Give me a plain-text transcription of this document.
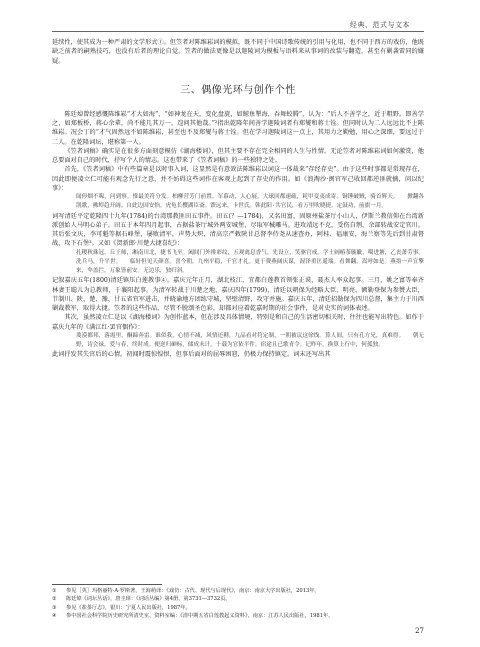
经典、范式与文本

延续性，使其成为一种严肃的文学形式①。但笠者对陈维崧词的模拟，既不同于中国诗歌传统的引用与化用，也不同于西方的戏仿，他既缺乏前者的嗣熟技巧，也没有后者的理论自觉。笠者的做法更像是以迦陵词为模板与语料来从事词的改装与翻造，甚至有剿袭雷同的嫌疑。

三、偶像光环与创作个性

陈廷焯曾经感慨陈维崧“才大如海”、“如神龙在天，变化盘旋，如鲸鱼掣海，吞舞蛟腾”，认为：“后人不善学之，近于粗野。即善学之，如郑板桥，蒋心余辈，尚不能几其万一，遑问其他哉。”²指出乾隆年间善学迦陵词者有郑燮和蒋士铨。但同时认为二人远远比不上陈维崧。况会丁的“才气固然远不如陈维崧，甚至也不及郑燮与蒋士铨。但在学习迦陵词这一点上，其用力之勤勉，用心之深细，要远过于二人。在乾隆词坛，堪称第一人。

《笠者词稿》确实是在很多方面刻意模仿《湖海楼词》，但其主要不存在完全相同的人生与性情。无论笠者对陈维崧词如何激赏，他总要面对自己的时代，抒写个人的情志。这也带来了《笠者词稿》的一些独特之处。

首先，《笠者词稿》中有些篇章是以时事入词，这显然是有意效法陈维崧以词这一体裁来“存经存史”。由于这些时事都是常现存在，因此即便凌立仁可能有观念先行之意，并不妨碍这些词作在客观上起到了存史的作用。如《浪淘沙·闽官军己收回都逆匪就擒，问以纪事》：

闻停烟不嗥，问到察。惟最美符分发。柏柳营芳门前置。军幕动，人心展。大球回都速疏，耗甲变夷成寄。铜锤破贼，骑首辉天。　　掀翻各凯歌，拂绰趋开阔。自此边国安怡。虎龟长樱湖臣斋。馈远来，卡世氏。韩此阳·共官民，看万里吹晓捷。定鼓功，前旗一月。

词写清廷平定乾隆四十九年(1784)的台湾那教匪田五事件。田五(？—1784)，又名田富，固原州盐茶厅小山人，伊斯兰教信仰在台湾新派创始人马明心弟子。田五于本年四月起事，占据盐茶厅城外两安城堡，尽取军械雕马。进攻靖远不克，受伤自刎，余部转战安定官川。其后张文庆，李可魁等据石峰堡，屡败清军，声势大炽，清高宗严敕陕甘总督李侍尧从速查办，阿桂、福康安，海兰察等先后到甘肃督战，攻下石堡³。又如《贺新郎·川楚大捷喜纪》：

扎稷秋珠冠。丘王师，湘南川北，捷书飞至。阖闾门外排彩纹，五观禽息香气。先设立，笑驱官戒。学士阔椿茶毓眦，噶进塘，乙丧萧劳事。洗兵马，升平世。　　临轩但见天颜喜。喜今朝，九州平稳，千官才礼。更于费燕阔庆谋，渥泽重匡遥端。看舞翻，嵩呼如是。燕墨一声宣擎来，伞盖拦，万象皆前安。无边乐，独归斜。

记叙嘉庆五年(1800)清廷镇压白莲教事④。嘉庆元年正月，湖北枝江，宜都白莲教首领张正谟，聂杰人率众起事。三月，姚之富等奉齐林妻王聪儿为总教师，于襄阳起事。为清军转战于川楚之地，嘉庆四年(1799)，清廷以朝保为经略大臣，明亮、额勒登保为参赞大臣，节制川、陕、楚、豫、甘五省官军进击，并晓谕地方团练守城，坚壁清野，攻守并施。嘉庆五年，清廷招勒保为四川总督，集主力于川西剿裁教军，取得大捷。笠者的这些作品，尽管不脱颂圣色彩，却都对应着乾嘉时期的社会事件，是对史实的词体表述。

其次，虽然凌立仁是以《湖海楼词》为创作蓝本，但在涉及具体情境，特别是和自己的生活密切相关时，往往也能写出特色。如作于嘉庆九年的《满江红·罢官偶作》：

蔑漠都邦，落霞里，酮蹄奔雷。谁似我，心情不减，风情还剩。九品看对符定制，一朝被议这徐线。算人间，只有孔方兄，真难得。　　朝无野，诗会禄。爱与春，终时成。便逆归砷标，储成未计。十载为官依半件，宿途且已歌青令。记昨年，换算上行中，何孤独。

此词抒发其失官后的心情。初闻时震惊惶恨，但事后面对的屈辱困窘，仍极力保持镇定。词末还写出其

①	参见［英］玛格丽特·A·罗斯著，王海萌译：《戏仿：古代、现代与后现代》，南京：南京大学出版社，2013年。
②	陈廷焯《词坛丛话》，唐圭璋：《词话丛编》第4册，第3731—3732页。
③	参见《盐茶厅志》，银川：宁夏人民出版社，1987年。
④	参中国社会科学院历史研究所清史室、资料室编：《清中期五省白莲教起义资料》，南京：江苏人民出版社，1981年。
27
